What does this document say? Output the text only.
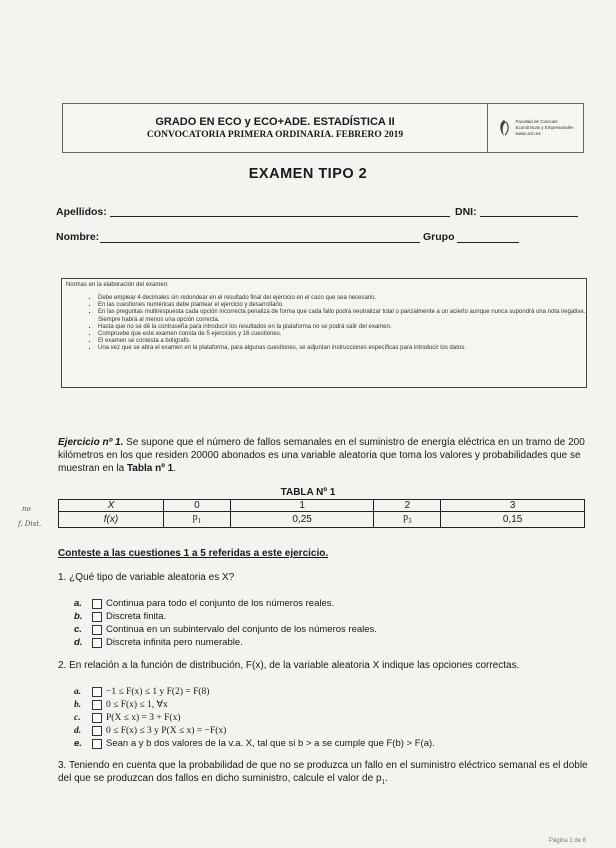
GRADO EN ECO y ECO+ADE. ESTADÍSTICA II
CONVOCATORIA PRIMERA ORDINARIA. FEBRERO 2019
Facultad de Ciencias
Económicas y Empresariales
www.ucm.es
EXAMEN TIPO 2
Apellidos:	DNI:
Nombre:	Grupo
Normas en la elaboración del examen:
▪ Debe emplear 4 decimales sin redondear en el resultado final del ejercicio en el caso que sea necesario.
▪ En las cuestiones numéricas debe plantear el ejercicio y desarrollarlo.
▪ En las preguntas multirespuesta cada opción incorrecta penaliza de forma que cada fallo podrá neutralizar total o parcialmente a un acierto aunque nunca supondrá una nota negativa. Siempre habrá al menos una opción correcta.
▪ Hasta que no se dé la contraseña para introducir los resultados en la plataforma no se podrá salir del examen.
▪ Compruebe que este examen consta de 5 ejercicios y 16 cuestiones.
▪ El examen se contesta a bolígrafo.
▪ Una vez que se abra el examen en la plataforma, para algunas cuestiones, se adjuntan instrucciones específicas para introducir los datos.
Ejercicio nº 1. Se supone que el número de fallos semanales en el suministro de energía eléctrica en un tramo de 200 kilómetros en los que residen 20000 abonados es una variable aleatoria que toma los valores y probabilidades que se muestran en la Tabla nº 1.
no
f. Dist.
TABLA Nº 1
X	0	1	2	3
f(x)	$p_1$	0,25	$p_3$	0,15
Conteste a las cuestiones 1 a 5 referidas a este ejercicio.
1. ¿Qué tipo de variable aleatoria es X?
a.	Continua para todo el conjunto de los números reales.
b.	Discreta finita.
c.	Continua en un subintervalo del conjunto de los números reales.
d.	Discreta infinita pero numerable.
2. En relación a la función de distribución, F(x), de la variable aleatoria X indique las opciones correctas.
a.	−1 ≤ F(x) ≤ 1 y F(2) = F(8)
b.	0 ≤ F(x) ≤ 1, ∀x
c.	P(X ≤ x) = 3 + F(x)
d.	0 ≤ F(x) ≤ 3 y P(X ≤ x) = −F(x)
e.	Sean a y b dos valores de la v.a. X, tal que si b > a se cumple que F(b) > F(a).
3. Teniendo en cuenta que la probabilidad de que no se produzca un fallo en el suministro eléctrico semanal es el doble del que se produzcan dos fallos en dicho suministro, calcule el valor de $p_1$.
Página 1 de 8
